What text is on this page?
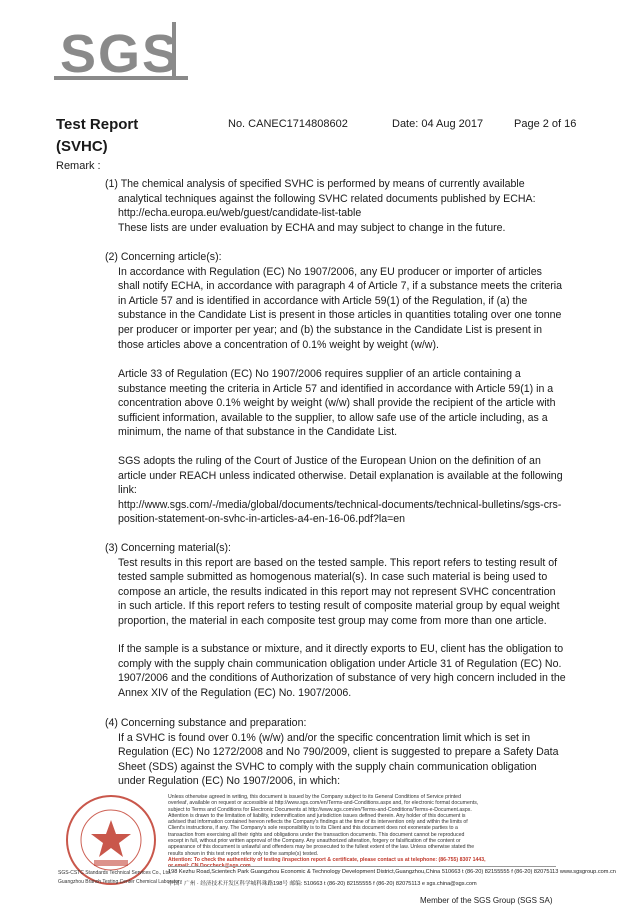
SGS
Test Report
(SVHC)
No. CANEC1714808602	Date: 04 Aug 2017	Page 2 of 16
Remark :
(1) The chemical analysis of specified SVHC is performed by means of currently available
analytical techniques against the following SVHC related documents published by ECHA:
http://echa.europa.eu/web/guest/candidate-list-table
These lists are under evaluation by ECHA and may subject to change in the future.
(2) Concerning article(s):
In accordance with Regulation (EC) No 1907/2006, any EU producer or importer of articles
shall notify ECHA, in accordance with paragraph 4 of Article 7, if a substance meets the criteria
in Article 57 and is identified in accordance with Article 59(1) of the Regulation, if (a) the
substance in the Candidate List is present in those articles in quantities totaling over one tonne
per producer or importer per year; and (b) the substance in the Candidate List is present in
those articles above a concentration of 0.1% weight by weight (w/w).
Article 33 of Regulation (EC) No 1907/2006 requires supplier of an article containing a
substance meeting the criteria in Article 57 and identified in accordance with Article 59(1) in a
concentration above 0.1% weight by weight (w/w) shall provide the recipient of the article with
sufficient information, available to the supplier, to allow safe use of the article including, as a
minimum, the name of that substance in the Candidate List.
SGS adopts the ruling of the Court of Justice of the European Union on the definition of an
article under REACH unless indicated otherwise. Detail explanation is available at the following
link:
http://www.sgs.com/-/media/global/documents/technical-documents/technical-bulletins/sgs-crs-
position-statement-on-svhc-in-articles-a4-en-16-06.pdf?la=en
(3) Concerning material(s):
Test results in this report are based on the tested sample. This report refers to testing result of
tested sample submitted as homogenous material(s). In case such material is being used to
compose an article, the results indicated in this report may not represent SVHC concentration
in such article. If this report refers to testing result of composite material group by equal weight
proportion, the material in each composite test group may come from more than one article.
If the sample is a substance or mixture, and it directly exports to EU, client has the obligation to
comply with the supply chain communication obligation under Article 31 of Regulation (EC) No.
1907/2006 and the conditions of Authorization of substance of very high concern included in the
Annex XIV of the Regulation (EC) No. 1907/2006.
(4) Concerning substance and preparation:
If a SVHC is found over 0.1% (w/w) and/or the specific concentration limit which is set in
Regulation (EC) No 1272/2008 and No 790/2009, client is suggested to prepare a Safety Data
Sheet (SDS) against the SVHC to comply with the supply chain communication obligation
under Regulation (EC) No 1907/2006, in which:
SGS-CSTC Standards Technical Services Co., Ltd.
Guangzhou Branch Testing Center Chemical Laboratory
Unless otherwise agreed in writing, this document is issued by the Company subject to its General Conditions of Service printed
overleaf, available on request or accessible at http://www.sgs.com/en/Terms-and-Conditions.aspx and, for electronic format documents,
subject to Terms and Conditions for Electronic Documents at http://www.sgs.com/en/Terms-and-Conditions/Terms-e-Document.aspx.
Attention is drawn to the limitation of liability, indemnification and jurisdiction issues defined therein. Any holder of this document is
advised that information contained hereon reflects the Company's findings at the time of its intervention only and within the limits of
Client's instructions, if any. The Company's sole responsibility is to its Client and this document does not exonerate parties to a
transaction from exercising all their rights and obligations under the transaction documents. This document cannot be reproduced
except in full, without prior written approval of the Company. Any unauthorized alteration, forgery or falsification of the content or
appearance of this document is unlawful and offenders may be prosecuted to the fullest extent of the law. Unless otherwise stated the
results shown in this test report refer only to the sample(s) tested.
Attention: To check the authenticity of testing /inspection report & certificate, please contact us at telephone: (86-755) 8307 1443,
198 Kezhu Road,Scientech Park Guangzhou Economic & Technology Development District,Guangzhou,China 510663 t (86-20) 82155555 f (86-20) 82075113 www.sgsgroup.com.cn
中国 · 广州 · 经济技术开发区科学城科珠路198号 邮编: 510663 t (86-20) 82155555 f (86-20) 82075113 e sgs.china@sgs.com
Member of the SGS Group (SGS SA)
